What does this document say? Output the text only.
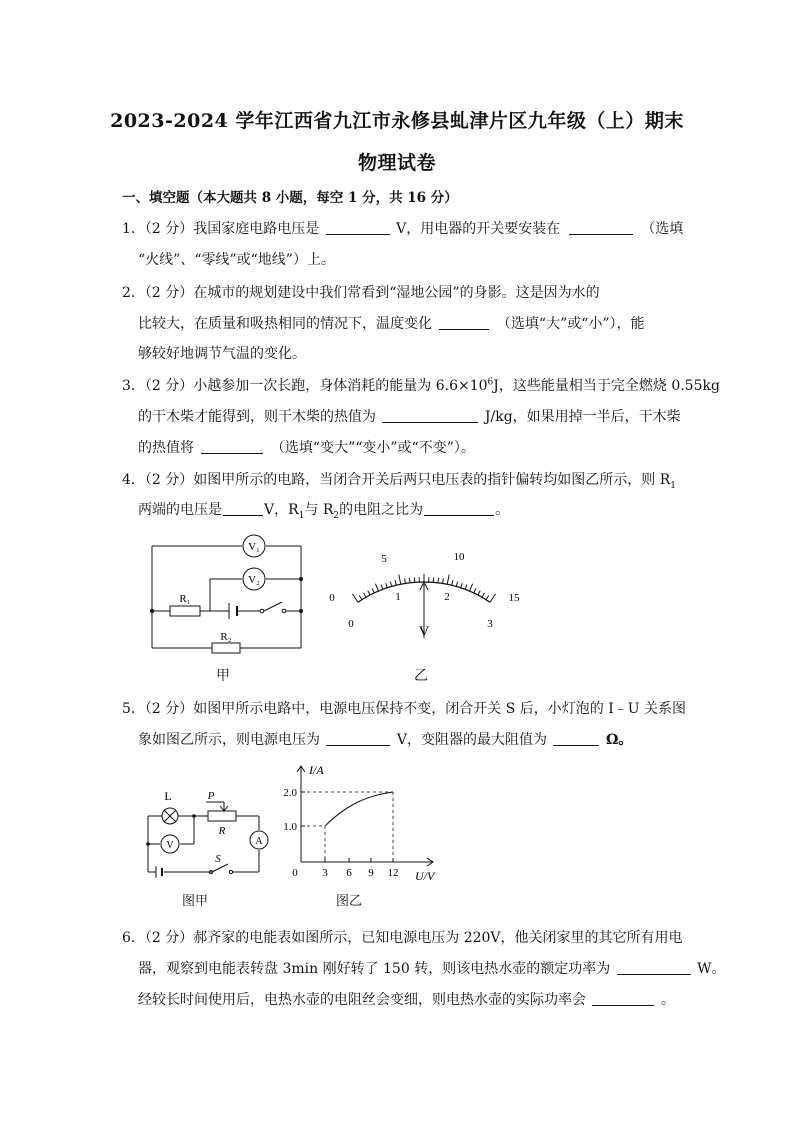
2023-2024 学年江西省九江市永修县虬津片区九年级（上）期末
物理试卷
一、填空题（本大题共 8 小题，每空 1 分，共 16 分）
1．（2 分）我国家庭电路电压是	V，用电器的开关要安装在	（选填
“火线”、“零线”或“地线”）上。
2．（2 分）在城市的规划建设中我们常看到“湿地公园”的身影。这是因为水的
比较大，在质量和吸热相同的情况下，温度变化	（选填“大”或“小”），能
够较好地调节气温的变化。
3．（2 分）小越参加一次长跑，身体消耗的能量为 $6.6\times 10^6J$，这些能量相当于完全燃烧 0.55kg
的干木柴才能得到，则干木柴的热值为	J/kg，如果用掉一半后，干木柴
的热值将	（选填“变大”“变小”或“不变”）。
4．（2 分）如图甲所示的电路，当闭合开关后两只电压表的指针偏转均如图乙所示，则 $R_1$
两端的电压是	V，$R_1$与 $R_2$的电阻之比为	。
V₁
V₂
R₁
R₂
甲
0
5	10
15
0
1	2
3
V
乙
5．（2 分）如图甲所示电路中，电源电压保持不变，闭合开关 S 后，小灯泡的 I﹣U 关系图
象如图乙所示，则电源电压为	V，变阻器的最大阻值为	Ω。
L	P
R
V	A
S
图甲
I/A
U/V
1.0
2.0
0 3 6 9 12
图乙
6．（2 分）郝齐家的电能表如图所示，已知电源电压为 220V，他关闭家里的其它所有用电
器，观察到电能表转盘 3min 刚好转了 150 转，则该电热水壶的额定功率为	W。
经较长时间使用后，电热水壶的电阻丝会变细，则电热水壶的实际功率会	。
